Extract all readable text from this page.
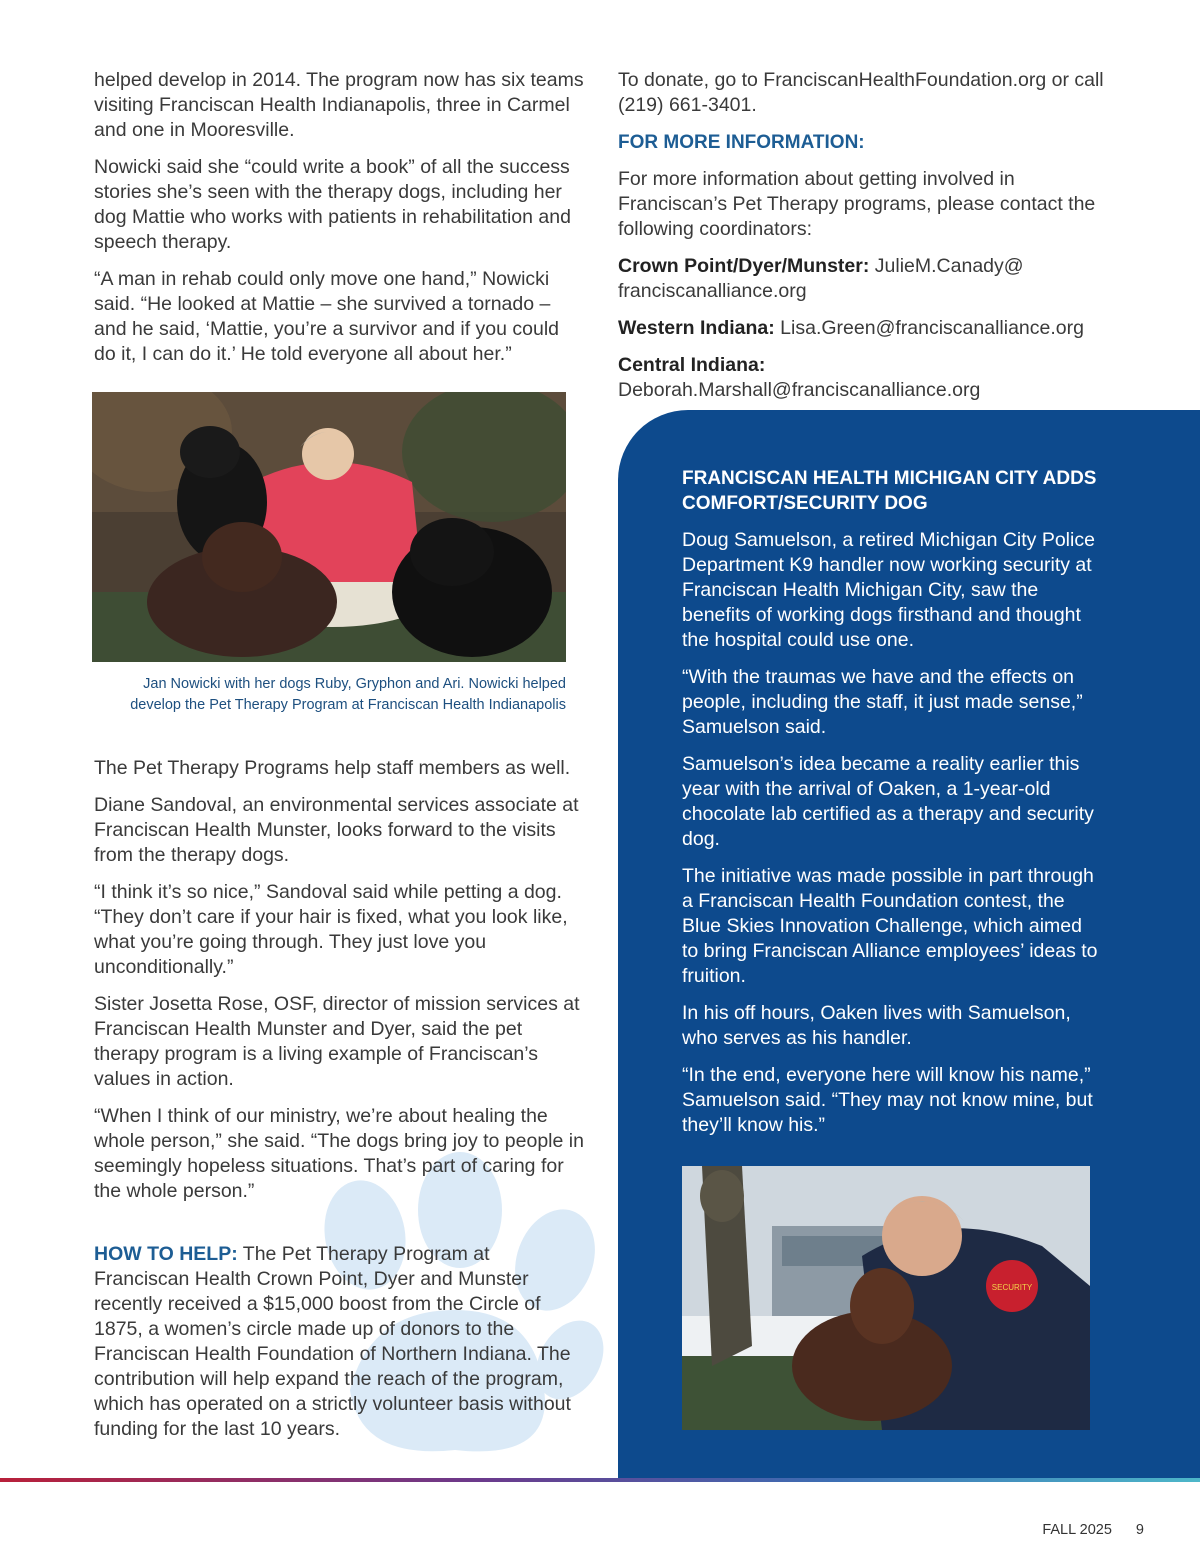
helped develop in 2014. The program now has six teams visiting Franciscan Health Indianapolis, three in Carmel and one in Mooresville.

Nowicki said she “could write a book” of all the success stories she’s seen with the therapy dogs, including her dog Mattie who works with patients in rehabilitation and speech therapy.

“A man in rehab could only move one hand,” Nowicki said. “He looked at Mattie – she survived a tornado – and he said, ‘Mattie, you’re a survivor and if you could do it, I can do it.’ He told everyone all about her.”

Jan Nowicki with her dogs Ruby, Gryphon and Ari. Nowicki helped develop the Pet Therapy Program at Franciscan Health Indianapolis

The Pet Therapy Programs help staff members as well.

Diane Sandoval, an environmental services associate at Franciscan Health Munster, looks forward to the visits from the therapy dogs.

“I think it’s so nice,” Sandoval said while petting a dog. “They don’t care if your hair is fixed, what you look like, what you’re going through. They just love you unconditionally.”

Sister Josetta Rose, OSF, director of mission services at Franciscan Health Munster and Dyer, said the pet therapy program is a living example of Franciscan’s values in action.

“When I think of our ministry, we’re about healing the whole person,” she said. “The dogs bring joy to people in seemingly hopeless situations. That’s part of caring for the whole person.”

HOW TO HELP: The Pet Therapy Program at Franciscan Health Crown Point, Dyer and Munster recently received a $15,000 boost from the Circle of 1875, a women’s circle made up of donors to the Franciscan Health Foundation of Northern Indiana. The contribution will help expand the reach of the program, which has operated on a strictly volunteer basis without funding for the last 10 years.

To donate, go to FranciscanHealthFoundation.org or call (219) 661-3401.

FOR MORE INFORMATION:

For more information about getting involved in Franciscan’s Pet Therapy programs, please contact the following coordinators:

Crown Point/Dyer/Munster: JulieM.Canady@ franciscanalliance.org

Western Indiana: Lisa.Green@franciscanalliance.org

Central Indiana: Deborah.Marshall@franciscanalliance.org

FRANCISCAN HEALTH MICHIGAN CITY ADDS COMFORT/SECURITY DOG

Doug Samuelson, a retired Michigan City Police Department K9 handler now working security at Franciscan Health Michigan City, saw the benefits of working dogs firsthand and thought the hospital could use one.

“With the traumas we have and the effects on people, including the staff, it just made sense,” Samuelson said.

Samuelson’s idea became a reality earlier this year with the arrival of Oaken, a 1-year-old chocolate lab certified as a therapy and security dog.

The initiative was made possible in part through a Franciscan Health Foundation contest, the Blue Skies Innovation Challenge, which aimed to bring Franciscan Alliance employees’ ideas to fruition.

In his off hours, Oaken lives with Samuelson, who serves as his handler.

“In the end, everyone here will know his name,” Samuelson said. “They may not know mine, but they’ll know his.”

SECURITY
FALL 2025 9
